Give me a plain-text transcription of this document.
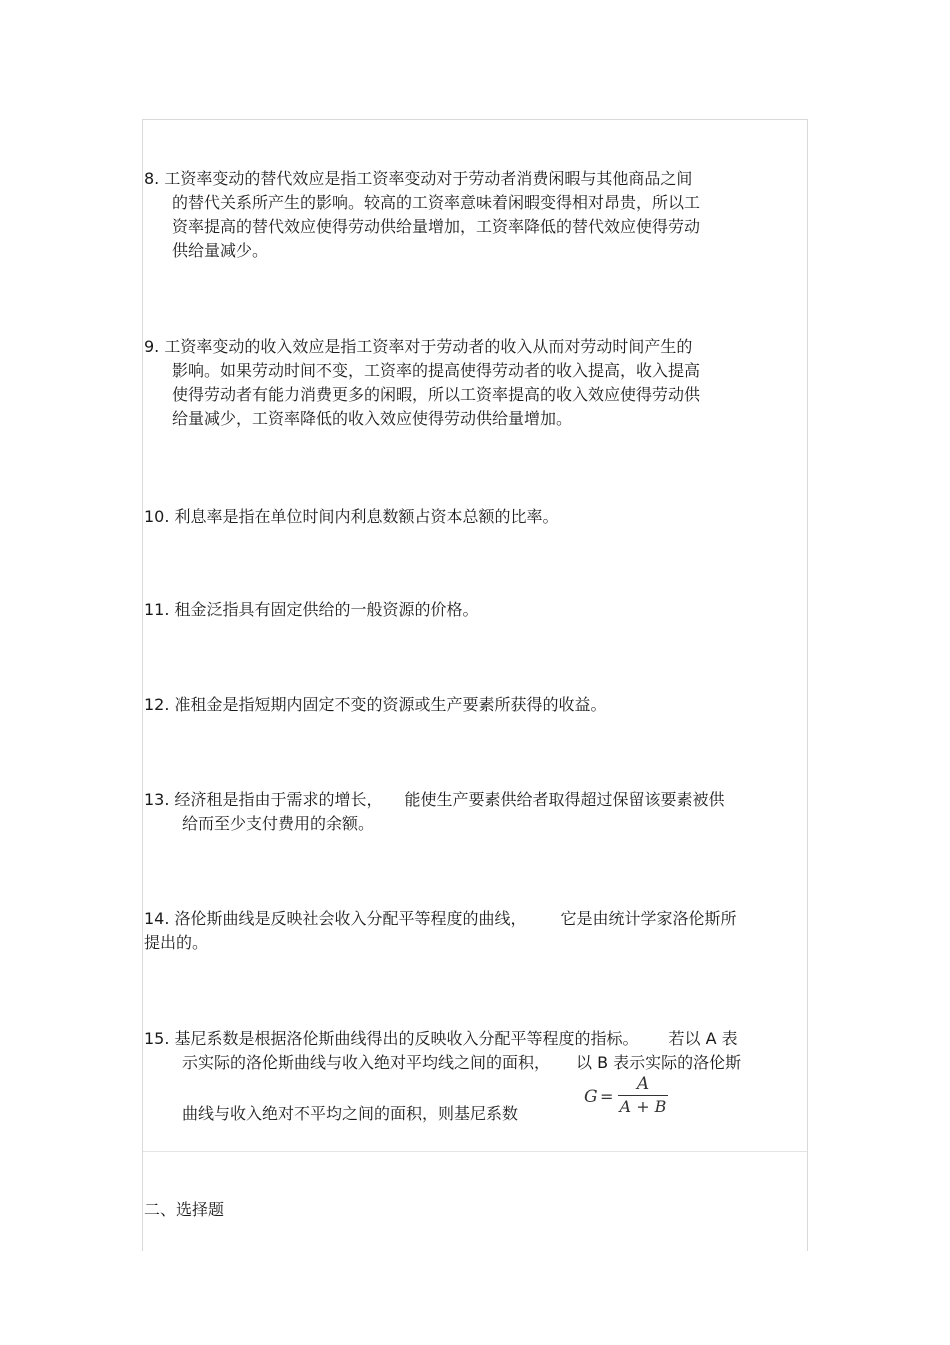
8. 工资率变动的替代效应是指工资率变动对于劳动者消费闲暇与其他商品之间
的替代关系所产生的影响。较高的工资率意味着闲暇变得相对昂贵，所以工
资率提高的替代效应使得劳动供给量增加，工资率降低的替代效应使得劳动
供给量减少。
9. 工资率变动的收入效应是指工资率对于劳动者的收入从而对劳动时间产生的
影响。如果劳动时间不变，工资率的提高使得劳动者的收入提高，收入提高
使得劳动者有能力消费更多的闲暇，所以工资率提高的收入效应使得劳动供
给量减少，工资率降低的收入效应使得劳动供给量增加。
10. 利息率是指在单位时间内利息数额占资本总额的比率。
11. 租金泛指具有固定供给的一般资源的价格。
12. 准租金是指短期内固定不变的资源或生产要素所获得的收益。
13. 经济租是指由于需求的增长， 能使生产要素供给者取得超过保留该要素被供
给而至少支付费用的余额。
14. 洛伦斯曲线是反映社会收入分配平等程度的曲线， 它是由统计学家洛伦斯所
提出的。
15. 基尼系数是根据洛伦斯曲线得出的反映收入分配平等程度的指标。 若以 A 表
示实际的洛伦斯曲线与收入绝对平均线之间的面积， 以 B 表示实际的洛伦斯
曲线与收入绝对不平均之间的面积，则基尼系数
G =
A
A + B
二、选择题
